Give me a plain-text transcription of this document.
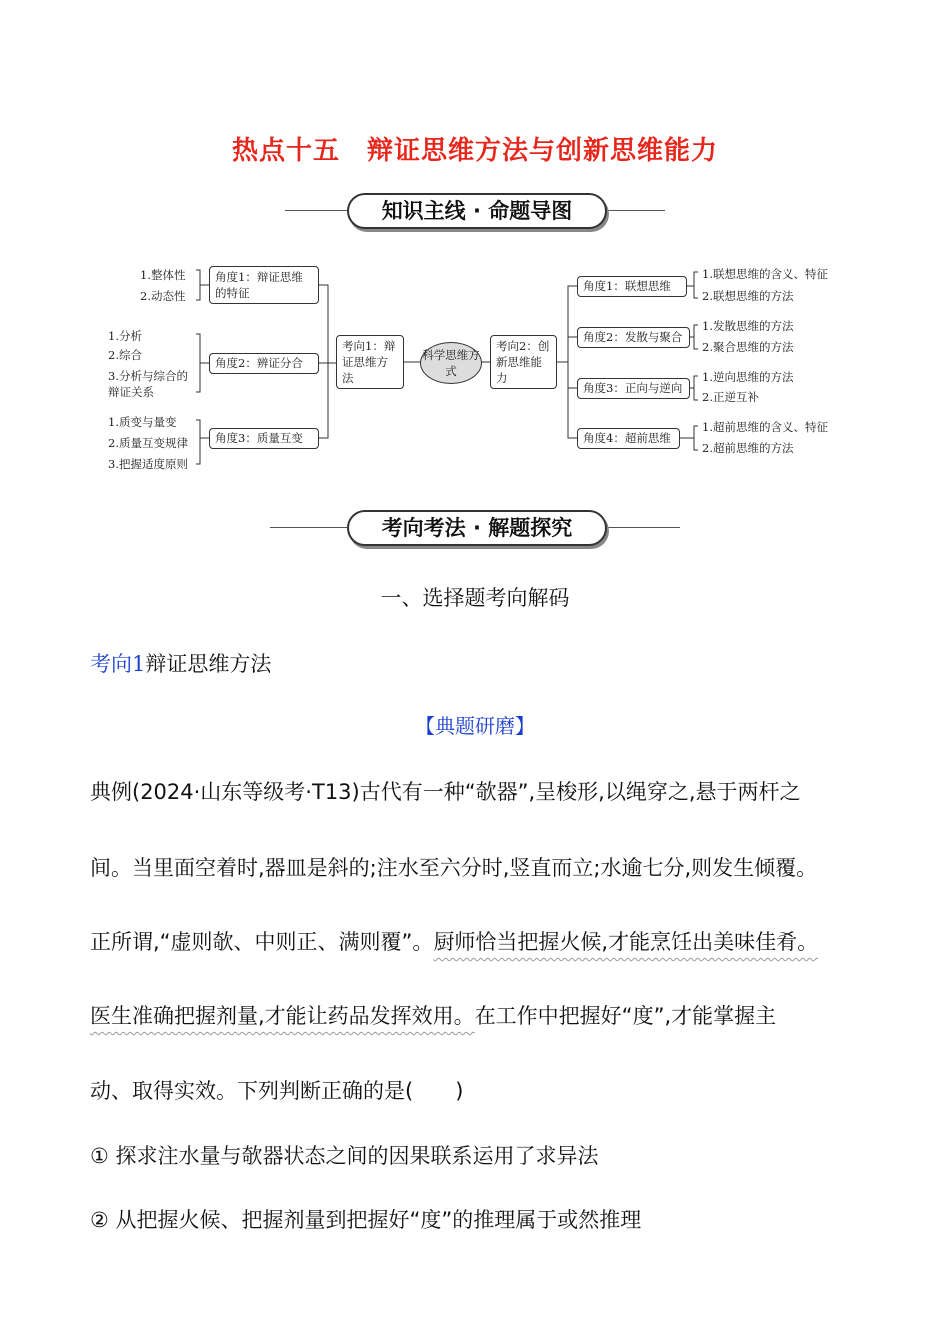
热点十五　辩证思维方法与创新思维能力
知识主线 · 命题导图
1.整体性
2.动态性
1.分析
2.综合
3.分析与综合的
辩证关系
1.质变与量变
2.质量互变规律
3.把握适度原则
角度1：辩证思维的特征
角度2：辨证分合
角度3：质量互变
考向1：辩证思维方法
科学思维方式
考向2：创新思维能力
角度1：联想思维
角度2：发散与聚合
角度3：正向与逆向
角度4：超前思维
1.联想思维的含义、特征
2.联想思维的方法
1.发散思维的方法
2.聚合思维的方法
1.逆向思维的方法
2.正逆互补
1.超前思维的含义、特征
2.超前思维的方法
考向考法 · 解题探究
一、选择题考向解码
考向1辩证思维方法
【典题研磨】
典例(2024·山东等级考·T13)古代有一种“欹器”,呈梭形,以绳穿之,悬于两杆之
间。当里面空着时,器皿是斜的;注水至六分时,竖直而立;水逾七分,则发生倾覆。
正所谓,“虚则欹、中则正、满则覆”。厨师恰当把握火候,才能烹饪出美味佳肴。
医生准确把握剂量,才能让药品发挥效用。在工作中把握好“度”,才能掌握主
动、取得实效。下列判断正确的是(　　)
① 探求注水量与欹器状态之间的因果联系运用了求异法
② 从把握火候、把握剂量到把握好“度”的推理属于或然推理
